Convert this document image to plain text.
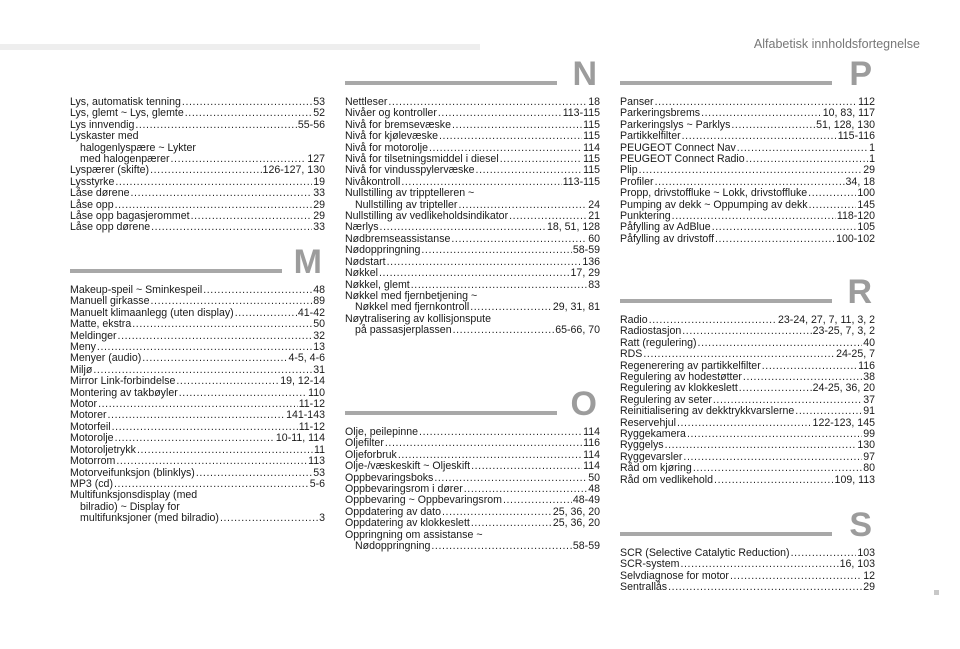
Alfabetisk innholdsfortegnelse
Lys, automatisk tenning .....	53
Lys, glemt ~ Lys, glemte .....	52
Lys innvendig .....	55-56
Lyskaster med
halogenlyspære ~ Lykter
med halogenpærer .....	127
Lyspærer (skifte) .....	126-127, 130
Lysstyrke .....	19
Låse dørene .....	33
Låse opp .....	29
Låse opp bagasjerommet .....	29
Låse opp dørene .....	33
M
Makeup-speil ~ Sminkespeil .....	48
Manuell girkasse .....	89
Manuelt klimaanlegg (uten display) .....	41-42
Matte, ekstra .....	50
Meldinger .....	32
Meny .....	13
Menyer (audio) .....	4-5, 4-6
Miljø .....	31
Mirror Link-forbindelse .....	19, 12-14
Montering av takbøyler .....	110
Motor .....	11-12
Motorer .....	141-143
Motorfeil .....	11-12
Motorolje .....	10-11, 114
Motoroljetrykk .....	11
Motorrom .....	113
Motorveifunksjon (blinklys) .....	53
MP3 (cd) .....	5-6
Multifunksjonsdisplay (med
bilradio) ~ Display for
multifunksjoner (med bilradio) .....	3
N
Nettleser .....	18
Nivåer og kontroller .....	113-115
Nivå for bremsevæske .....	115
Nivå for kjølevæske .....	115
Nivå for motorolje .....	114
Nivå for tilsetningsmiddel i diesel .....	115
Nivå for vindusspylervæske .....	115
Nivåkontroll .....	113-115
Nullstilling av tripptelleren ~
Nullstilling av tripteller .....	24
Nullstilling av vedlikeholdsindikator .....	21
Nærlys .....	18, 51, 128
Nødbremseassistanse .....	60
Nødoppringning .....	58-59
Nødstart .....	136
Nøkkel .....	17, 29
Nøkkel, glemt .....	83
Nøkkel med fjernbetjening ~
Nøkkel med fjernkontroll .....	29, 31, 81
Nøytralisering av kollisjonspute
på passasjerplassen .....	65-66, 70
O
Olje, peilepinne .....	114
Oljefilter .....	116
Oljeforbruk .....	114
Olje-/væskeskift ~ Oljeskift .....	114
Oppbevaringsboks .....	50
Oppbevaringsrom i dører .....	48
Oppbevaring ~ Oppbevaringsrom .....	48-49
Oppdatering av dato .....	25, 36, 20
Oppdatering av klokkeslett .....	25, 36, 20
Oppringning om assistanse ~
Nødoppringning .....	58-59
P
Panser .....	112
Parkeringsbrems .....	10, 83, 117
Parkeringslys ~ Parklys .....	51, 128, 130
Partikkelfilter .....	115-116
PEUGEOT Connect Nav .....	1
PEUGEOT Connect Radio .....	1
Plip .....	29
Profiler .....	34, 18
Propp, drivstoffluke ~ Lokk, drivstoffluke .....	100
Pumping av dekk ~ Oppumping av dekk .....	145
Punktering .....	118-120
Påfylling av AdBlue .....	105
Påfylling av drivstoff .....	100-102
R
Radio .....	23-24, 27, 7, 11, 3, 2
Radiostasjon .....	23-25, 7, 3, 2
Ratt (regulering) .....	40
RDS .....	24-25, 7
Regenerering av partikkelfilter .....	116
Regulering av hodestøtter .....	38
Regulering av klokkeslett .....	24-25, 36, 20
Regulering av seter .....	37
Reinitialisering av dekktrykkvarslerne .....	91
Reservehjul .....	122-123, 145
Ryggekamera .....	99
Ryggelys .....	130
Ryggevarsler .....	97
Råd om kjøring .....	80
Råd om vedlikehold .....	109, 113
S
SCR (Selective Catalytic Reduction) .....	103
SCR-system .....	16, 103
Selvdiagnose for motor .....	12
Sentrallås .....	29
